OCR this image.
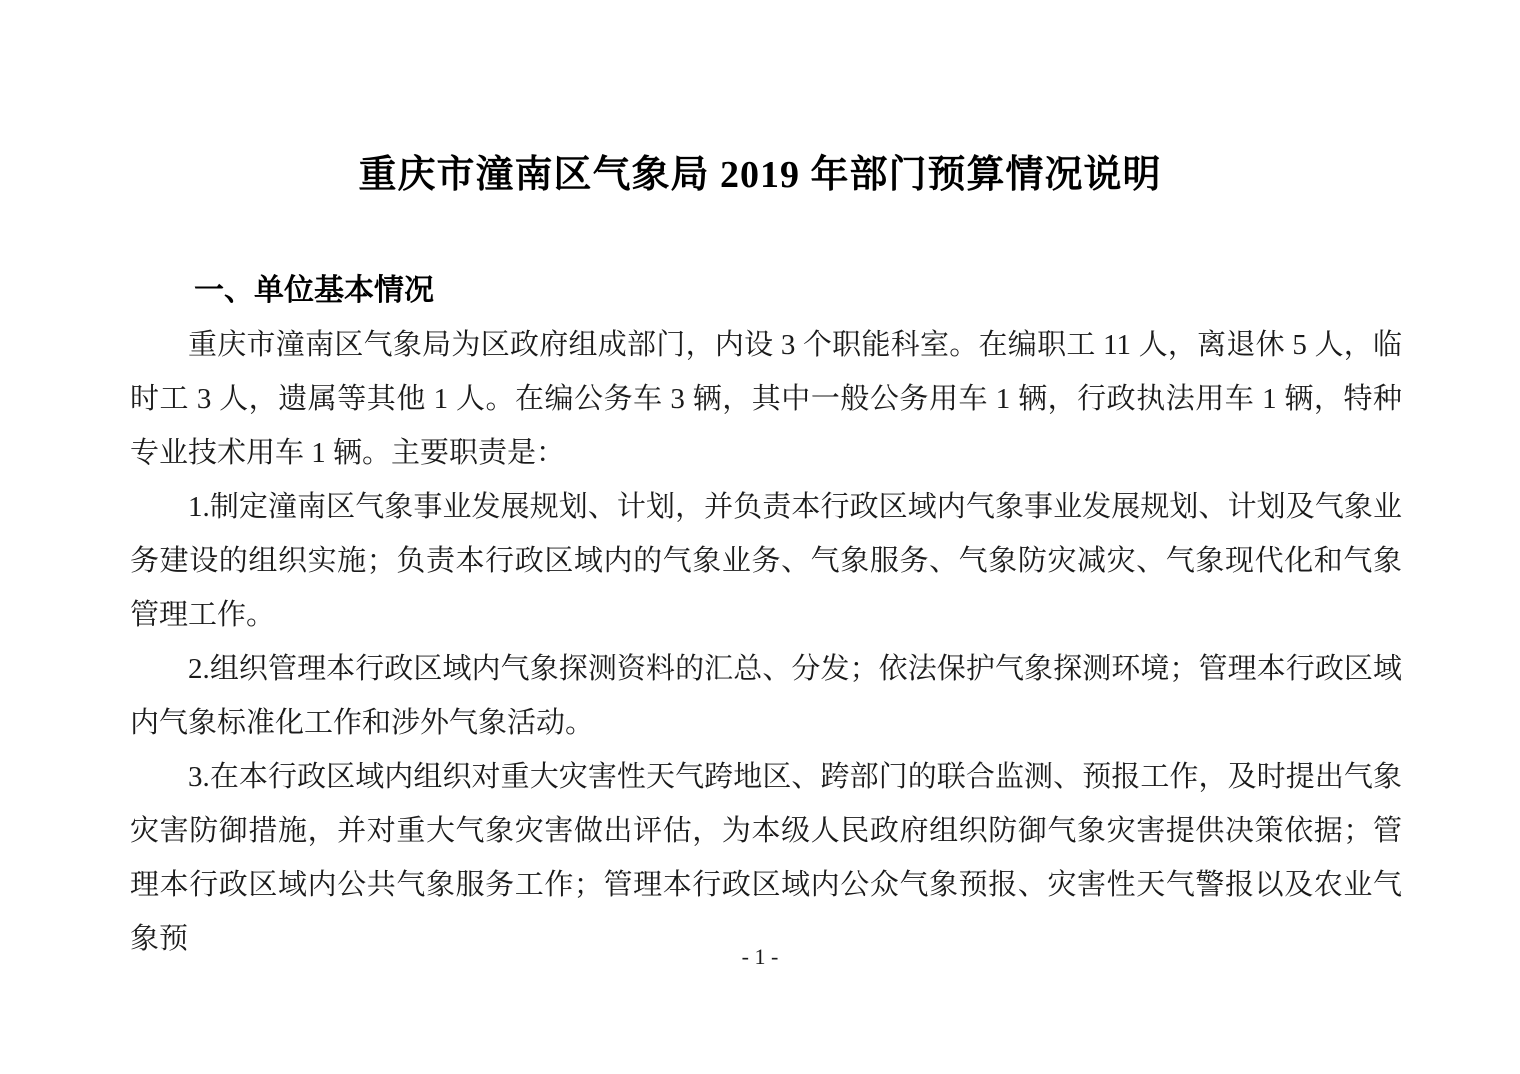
重庆市潼南区气象局 2019 年部门预算情况说明
一、单位基本情况

重庆市潼南区气象局为区政府组成部门，内设 3 个职能科室。在编职工 11 人，离退休 5 人，临时工 3 人，遗属等其他 1 人。在编公务车 3 辆，其中一般公务用车 1 辆，行政执法用车 1 辆，特种专业技术用车 1 辆。主要职责是：

1.制定潼南区气象事业发展规划、计划，并负责本行政区域内气象事业发展规划、计划及气象业务建设的组织实施；负责本行政区域内的气象业务、气象服务、气象防灾减灾、气象现代化和气象管理工作。

2.组织管理本行政区域内气象探测资料的汇总、分发；依法保护气象探测环境；管理本行政区域内气象标准化工作和涉外气象活动。

3.在本行政区域内组织对重大灾害性天气跨地区、跨部门的联合监测、预报工作，及时提出气象灾害防御措施，并对重大气象灾害做出评估，为本级人民政府组织防御气象灾害提供决策依据；管理本行政区域内公共气象服务工作；管理本行政区域内公众气象预报、灾害性天气警报以及农业气象预

- 1 -
